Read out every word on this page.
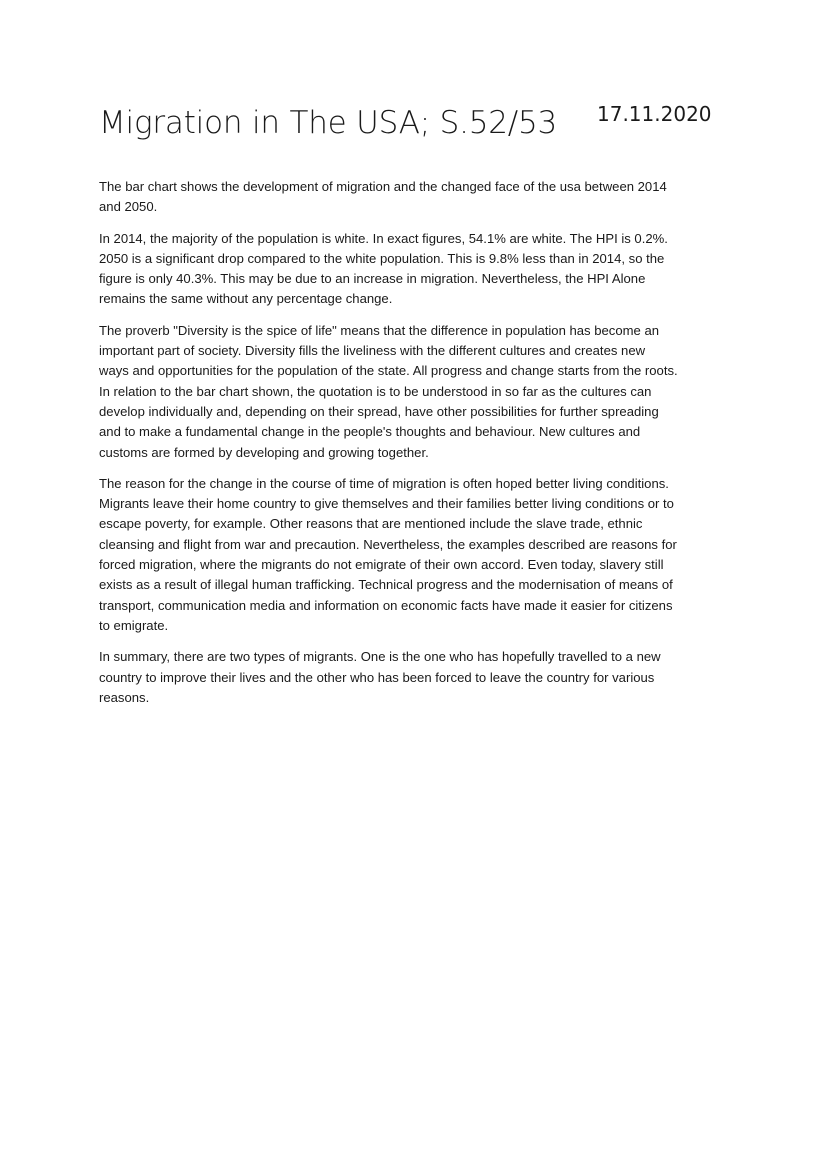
Migration in The USA; S.52/53 17.11.2020

The bar chart shows the development of migration and the changed face of the usa between 2014
and 2050.

In 2014, the majority of the population is white. In exact figures, 54.1% are white. The HPI is 0.2%.
2050 is a significant drop compared to the white population. This is 9.8% less than in 2014, so the
figure is only 40.3%. This may be due to an increase in migration. Nevertheless, the HPI Alone
remains the same without any percentage change.

The proverb "Diversity is the spice of life" means that the difference in population has become an
important part of society. Diversity fills the liveliness with the different cultures and creates new
ways and opportunities for the population of the state. All progress and change starts from the roots.
In relation to the bar chart shown, the quotation is to be understood in so far as the cultures can
develop individually and, depending on their spread, have other possibilities for further spreading
and to make a fundamental change in the people's thoughts and behaviour. New cultures and
customs are formed by developing and growing together.

The reason for the change in the course of time of migration is often hoped better living conditions.
Migrants leave their home country to give themselves and their families better living conditions or to
escape poverty, for example. Other reasons that are mentioned include the slave trade, ethnic
cleansing and flight from war and precaution. Nevertheless, the examples described are reasons for
forced migration, where the migrants do not emigrate of their own accord. Even today, slavery still
exists as a result of illegal human trafficking. Technical progress and the modernisation of means of
transport, communication media and information on economic facts have made it easier for citizens
to emigrate.

In summary, there are two types of migrants. One is the one who has hopefully travelled to a new
country to improve their lives and the other who has been forced to leave the country for various
reasons.
